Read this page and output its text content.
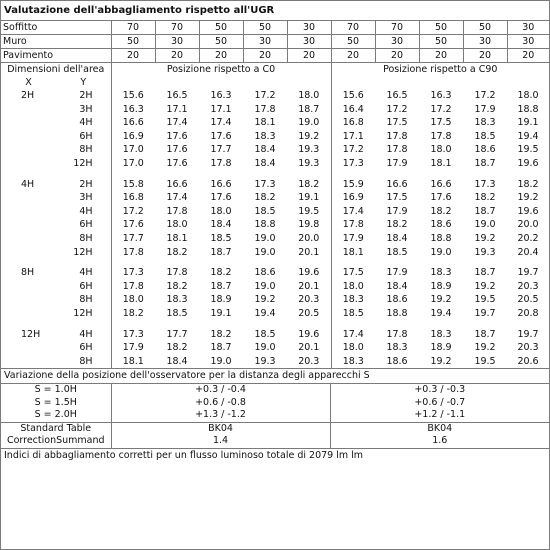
Valutazione dell'abbagliamento rispetto all'UGR
Soffitto		70	70	50	50	30	70	70	50	50	30
Muro		50	30	50	30	30	50	30	50	30	30
Pavimento		20	20	20	20	20	20	20	20	20	20
Dimensioni dell'area		Posizione rispetto a C0					Posizione rispetto a C90				
X	Y										
2H	2H	15.6	16.5	16.3	17.2	18.0	15.6	16.5	16.3	17.2	18.0
	3H	16.3	17.1	17.1	17.8	18.7	16.4	17.2	17.2	17.9	18.8
	4H	16.6	17.4	17.4	18.1	19.0	16.8	17.5	17.5	18.3	19.1
	6H	16.9	17.6	17.6	18.3	19.2	17.1	17.8	17.8	18.5	19.4
	8H	17.0	17.6	17.7	18.4	19.3	17.2	17.8	18.0	18.6	19.5
	12H	17.0	17.6	17.8	18.4	19.3	17.3	17.9	18.1	18.7	19.6

4H	2H	15.8	16.6	16.6	17.3	18.2	15.9	16.6	16.6	17.3	18.2
	3H	16.8	17.4	17.6	18.2	19.1	16.9	17.5	17.6	18.2	19.2
	4H	17.2	17.8	18.0	18.5	19.5	17.4	17.9	18.2	18.7	19.6
	6H	17.6	18.0	18.4	18.8	19.8	17.8	18.2	18.6	19.0	20.0
	8H	17.7	18.1	18.5	19.0	20.0	17.9	18.4	18.8	19.2	20.2
	12H	17.8	18.2	18.7	19.0	20.1	18.1	18.5	19.0	19.3	20.4

8H	4H	17.3	17.8	18.2	18.6	19.6	17.5	17.9	18.3	18.7	19.7
	6H	17.8	18.2	18.7	19.0	20.1	18.0	18.4	18.9	19.2	20.3
	8H	18.0	18.3	18.9	19.2	20.3	18.3	18.6	19.2	19.5	20.5
	12H	18.2	18.5	19.1	19.4	20.5	18.5	18.8	19.4	19.7	20.8

12H	4H	17.3	17.7	18.2	18.5	19.6	17.4	17.8	18.3	18.7	19.7
	6H	17.9	18.2	18.7	19.0	20.1	18.0	18.3	18.9	19.2	20.3
	8H	18.1	18.4	19.0	19.3	20.3	18.3	18.6	19.2	19.5	20.6
Variazione della posizione dell'osservatore per la distanza degli apparecchi S
S = 1.0H	+0.3 / -0.4	+0.3 / -0.3
S = 1.5H	+0.6 / -0.8	+0.6 / -0.7
S = 2.0H	+1.3 / -1.2	+1.2 / -1.1
Standard Table	BK04	BK04
CorrectionSummand	1.4	1.6
Indici di abbagliamento corretti per un flusso luminoso totale di 2079 lm lm
